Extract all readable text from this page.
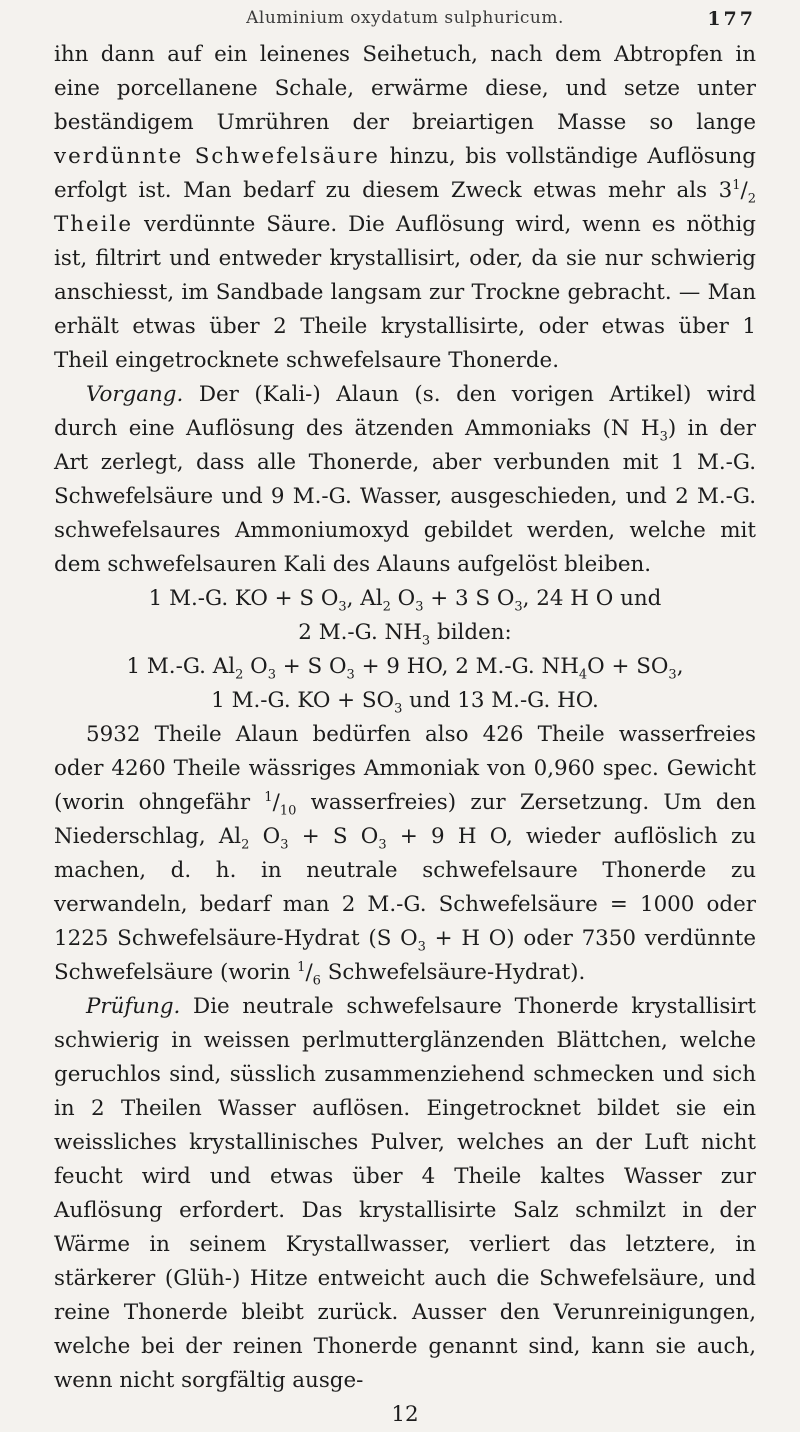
Aluminium oxydatum sulphuricum.	177

ihn dann auf ein leinenes Seihetuch, nach dem Abtropfen in eine porcellanene Schale, erwärme diese, und setze unter beständigem Umrühren der breiartigen Masse so lange verdünnte Schwefelsäure hinzu, bis vollständige Auflösung erfolgt ist. Man bedarf zu diesem Zweck etwas mehr als $3^1/_2$ Theile verdünnte Säure. Die Auflösung wird, wenn es nöthig ist, filtrirt und entweder krystallisirt, oder, da sie nur schwierig anschiesst, im Sandbade langsam zur Trockne gebracht. — Man erhält etwas über 2 Theile krystallisirte, oder etwas über 1 Theil eingetrocknete schwefelsaure Thonerde.

Vorgang. Der (Kali-) Alaun (s. den vorigen Artikel) wird durch eine Auflösung des ätzenden Ammoniaks (N $H_3$) in der Art zerlegt, dass alle Thonerde, aber verbunden mit 1 M.-G. Schwefelsäure und 9 M.-G. Wasser, ausgeschieden, und 2 M.-G. schwefelsaures Ammoniumoxyd gebildet werden, welche mit dem schwefelsauren Kali des Alauns aufgelöst bleiben.

1 M.-G. KO + S $O_3$, $Al_2$ $O_3 + 3$ S $O_3$, 24 H O und

2 M.-G. $NH_3$ bilden:

1 M.-G. $Al_2$ $O_3 + S$ $O_3 + 9$ HO, 2 M.-G. $NH_4O + SO_3$,

1 M.-G. KO + $SO_3$ und 13 M.-G. HO.

5932 Theile Alaun bedürfen also 426 Theile wasserfreies oder 4260 Theile wässriges Ammoniak von 0,960 spec. Gewicht (worin ohngefähr $^1/_{10}$ wasserfreies) zur Zersetzung. Um den Niederschlag, $Al_2$ $O_3 + S$ $O_3 + 9$ H O, wieder auflöslich zu machen, d. h. in neutrale schwefelsaure Thonerde zu verwandeln, bedarf man 2 M.-G. Schwefelsäure = 1000 oder 1225 Schwefelsäure-Hydrat (S $O_3 + H$ O) oder 7350 verdünnte Schwefelsäure (worin $^1/_6$ Schwefelsäure-Hydrat).

Prüfung. Die neutrale schwefelsaure Thonerde krystallisirt schwierig in weissen perlmutterglänzenden Blättchen, welche geruchlos sind, süsslich zusammenziehend schmecken und sich in 2 Theilen Wasser auflösen. Eingetrocknet bildet sie ein weissliches krystallinisches Pulver, welches an der Luft nicht feucht wird und etwas über 4 Theile kaltes Wasser zur Auflösung erfordert. Das krystallisirte Salz schmilzt in der Wärme in seinem Krystallwasser, verliert das letztere, in stärkerer (Glüh-) Hitze entweicht auch die Schwefelsäure, und reine Thonerde bleibt zurück. Ausser den Verunreinigungen, welche bei der reinen Thonerde genannt sind, kann sie auch, wenn nicht sorgfältig ausge-

12
